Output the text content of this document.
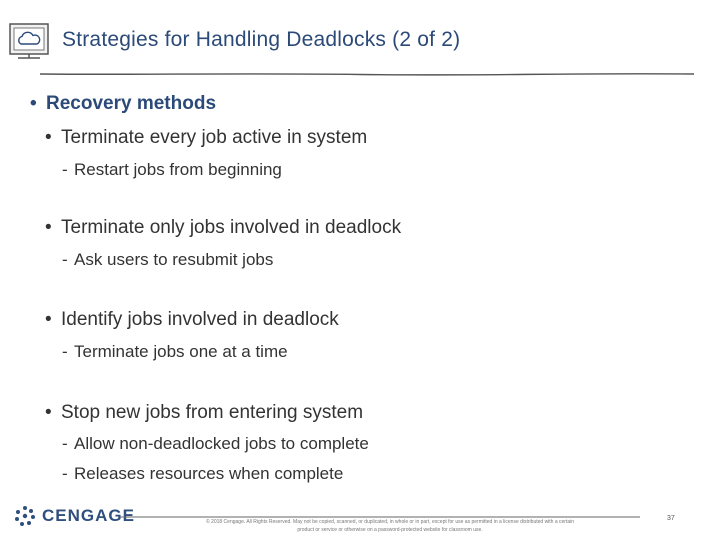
Strategies for Handling Deadlocks (2 of 2)
• Recovery methods
• Terminate every job active in system
- Restart jobs from beginning
• Terminate only jobs involved in deadlock
- Ask users to resubmit jobs
• Identify jobs involved in deadlock
- Terminate jobs one at a time
• Stop new jobs from entering system
- Allow non-deadlocked jobs to complete
- Releases resources when complete
CENGAGE	© 2018 Cengage. All Rights Reserved. May not be copied, scanned, or duplicated, in whole or in part, except for use as permitted in a license distributed with a certain product or service or otherwise on a password-protected website for classroom use.
37
